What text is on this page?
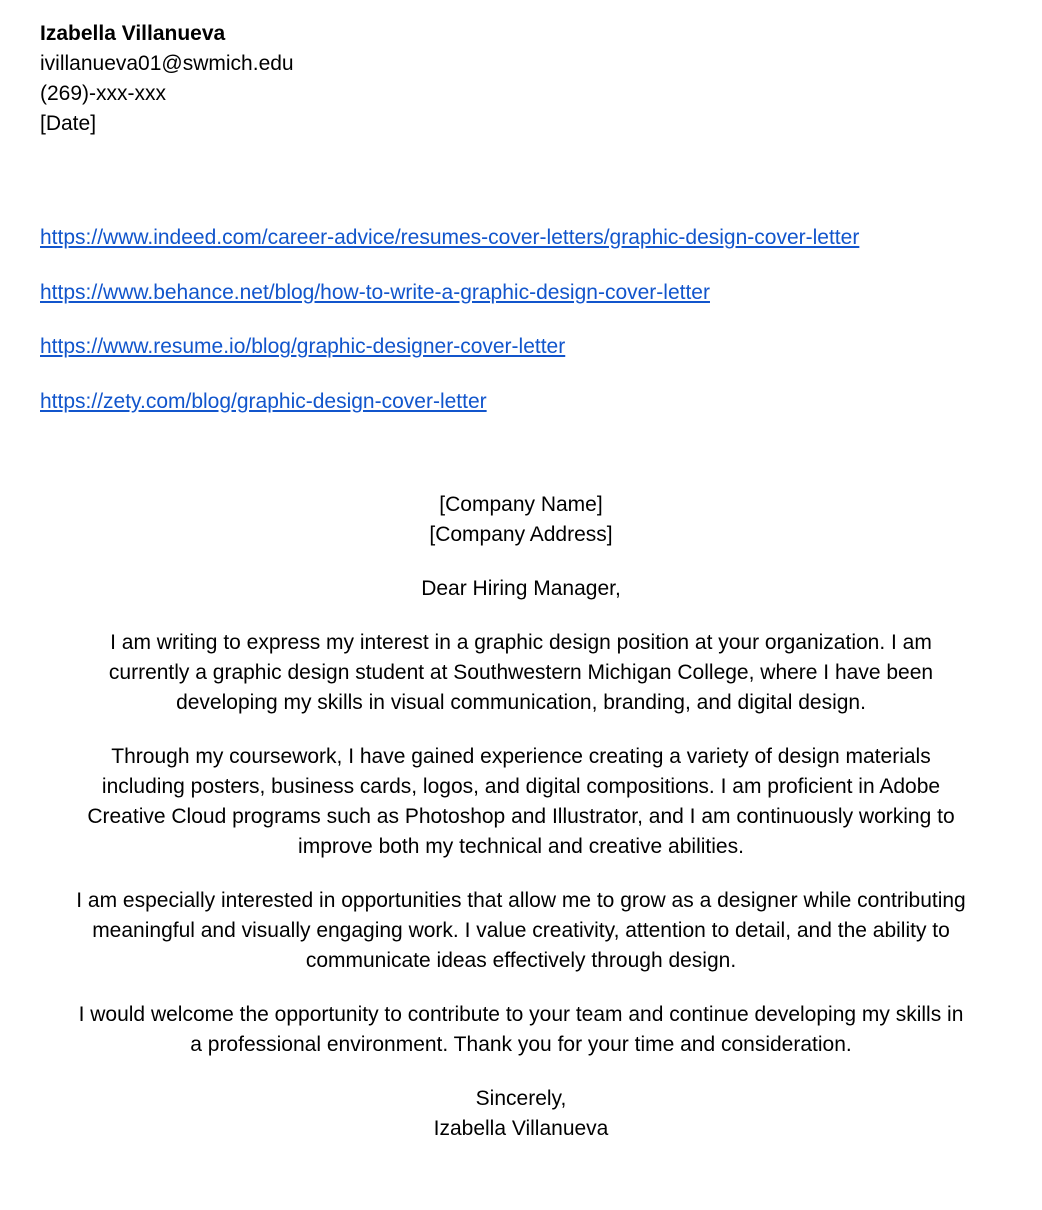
Izabella Villanueva
ivillanueva01@swmich.edu
(269)-xxx-xxx
[Date]
https://www.indeed.com/career-advice/resumes-cover-letters/graphic-design-cover-letter
https://www.behance.net/blog/how-to-write-a-graphic-design-cover-letter
https://www.resume.io/blog/graphic-designer-cover-letter
https://zety.com/blog/graphic-design-cover-letter
[Company Name]
[Company Address]
Dear Hiring Manager,
I am writing to express my interest in a graphic design position at your organization. I am
currently a graphic design student at Southwestern Michigan College, where I have been
developing my skills in visual communication, branding, and digital design.
Through my coursework, I have gained experience creating a variety of design materials
including posters, business cards, logos, and digital compositions. I am proficient in Adobe
Creative Cloud programs such as Photoshop and Illustrator, and I am continuously working to
improve both my technical and creative abilities.
I am especially interested in opportunities that allow me to grow as a designer while contributing
meaningful and visually engaging work. I value creativity, attention to detail, and the ability to
communicate ideas effectively through design.
I would welcome the opportunity to contribute to your team and continue developing my skills in
a professional environment. Thank you for your time and consideration.
Sincerely,
Izabella Villanueva
